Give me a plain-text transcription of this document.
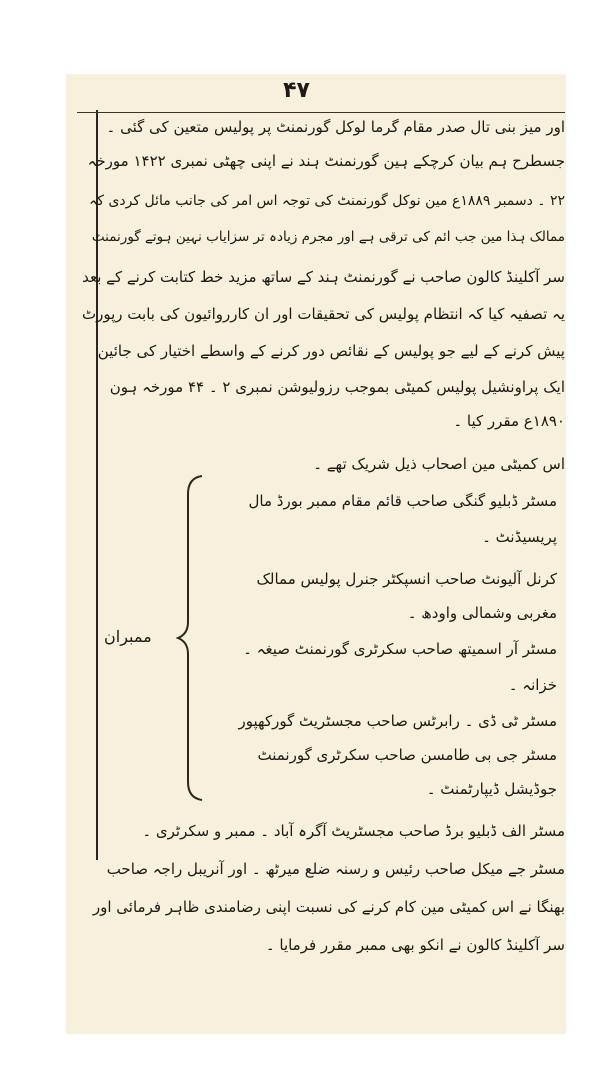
۴۷
اور میز بنی تال صدر مقام گرما لوکل گورنمنٹ پر پولیس متعین کی گئی ۔
جسطرح ہم بیان کرچکے ہین گورنمنٹ ہند نے اپنی چھٹی نمبری ۱۴۲۲ مورخہ
۲۲ ۔ دسمبر ۱۸۸۹ع مین نوکل گورنمنٹ کی توجہ اس امر کی جانب مائل کردی کہ
ممالک ہذا مین جب ائم کی ترقی ہے اور مجرم زیادہ تر سزایاب نہین ہوتے گورنمنٹ
سر آکلینڈ کالون صاحب نے گورنمنٹ ہند کے ساتھ مزید خط کتابت کرنے کے بعد
یہ تصفیہ کیا کہ انتظام پولیس کی تحقیقات اور ان کارروائیون کی بابت رپورٹ
پیش کرنے کے لیے جو پولیس کے نقائص دور کرنے کے واسطے اختیار کی جائین
ایک پراونشیل پولیس کمیٹی بموجب رزولیوشن نمبری ۲ ۔ ۴۴ مورخہ ہون
۱۸۹۰ع مقرر کیا ۔
اس کمیٹی مین اصحاب ذیل شریک تھے ۔
ممبران
مسٹر ڈبلیو گنگی صاحب قائم مقام ممبر بورڈ مال
پریسیڈنٹ ۔
کرنل آلیونٹ صاحب انسپکٹر جنرل پولیس ممالک
مغربی وشمالی واودھ ۔
مسٹر آر اسمیتھ صاحب سکرٹری گورنمنٹ صیغہ ۔
خزانہ ۔
مسٹر ٹی ڈی ۔ رابرٹس صاحب مجسٹریٹ گورکھپور
مسٹر جی بی طامسن صاحب سکرٹری گورنمنٹ
جوڈیشل ڈیپارٹمنٹ ۔
مسٹر الف ڈبلیو برڈ صاحب مجسٹریٹ آگرہ آباد ۔ ممبر و سکرٹری ۔
مسٹر جے میکل صاحب رئیس و رسنہ ضلع میرٹھ ۔ اور آنریبل راجہ صاحب
بھنگا نے اس کمیٹی مین کام کرنے کی نسبت اپنی رضامندی ظاہر فرمائی اور
سر آکلینڈ کالون نے انکو بھی ممبر مقرر فرمایا ۔
